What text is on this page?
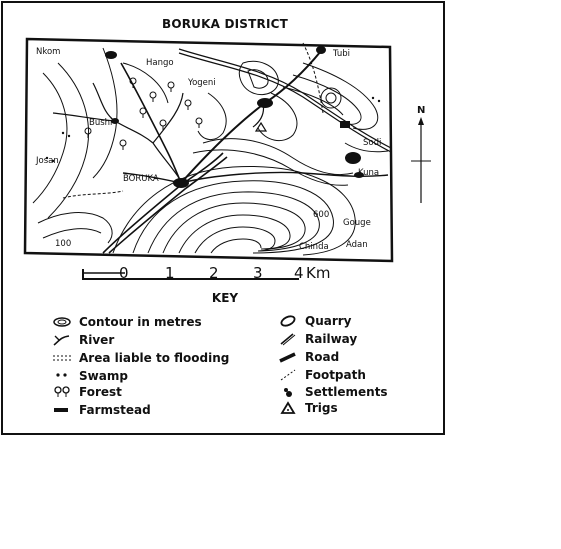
BORUKA DISTRICT
Nkom
Hango
Tubi
Bushi
Yogeni
Josan
BORUKA
Sodi
Kuna
Gouge
Chinda Adan
100
600
N
0 1 2 3 4 Km
KEY
Contour in metres
River
Area liable to flooding
Swamp
Forest
Farmstead
Quarry
Railway
Road
Footpath
Settlements
Trigs
